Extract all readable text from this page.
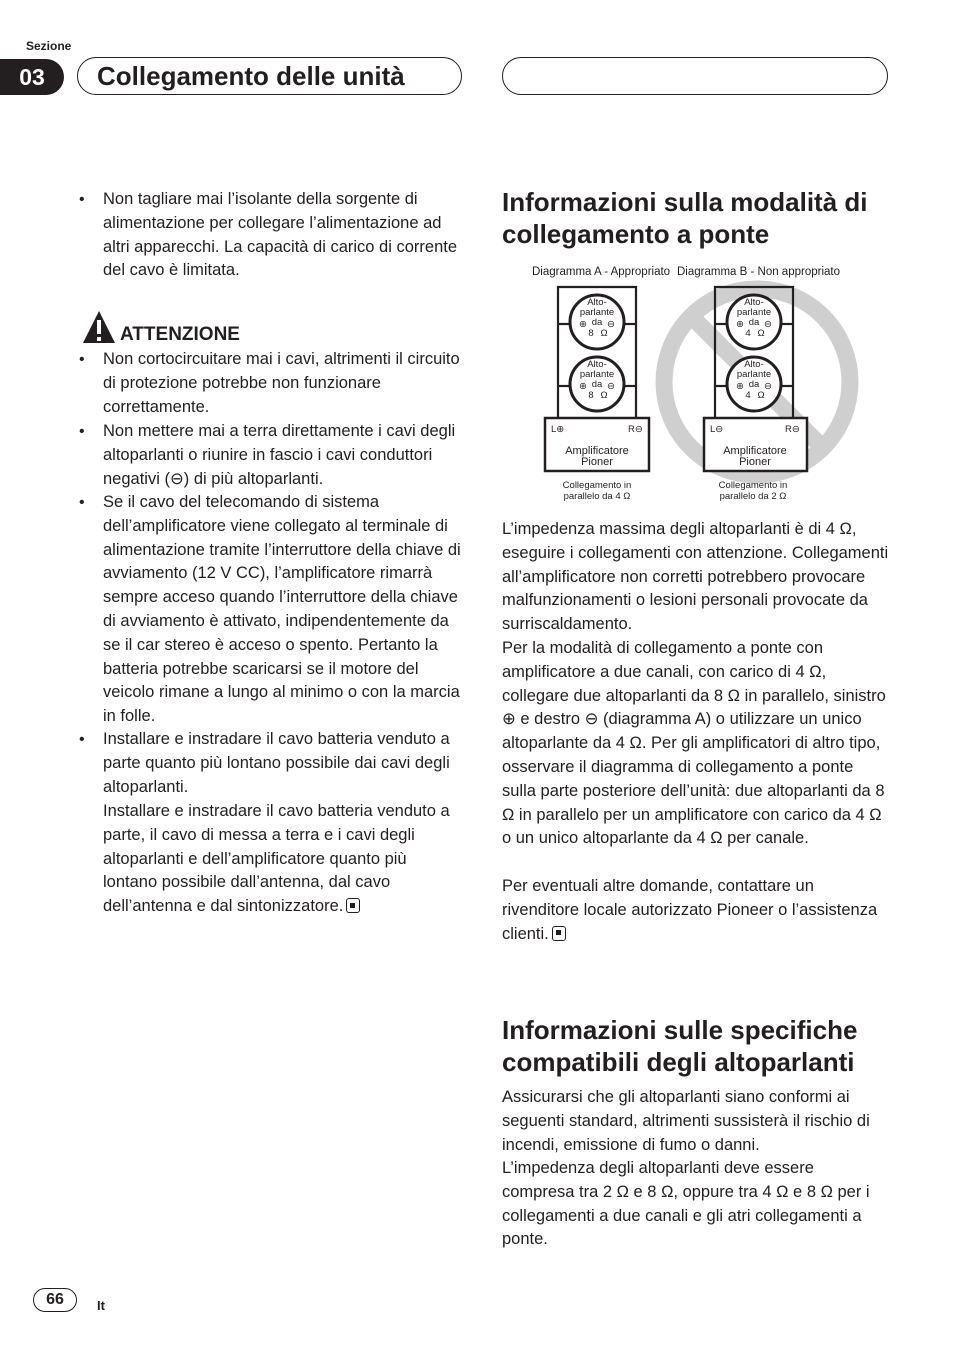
Sezione
03	Collegamento delle unità
• Non tagliare mai l’isolante della sorgente di alimentazione per collegare l’alimentazione ad altri apparecchi. La capacità di carico di corrente del cavo è limitata.
ATTENZIONE
• Non cortocircuitare mai i cavi, altrimenti il circuito di protezione potrebbe non funzionare correttamente.
• Non mettere mai a terra direttamente i cavi degli altoparlanti o riunire in fascio i cavi conduttori negativi (⊖) di più altoparlanti.
• Se il cavo del telecomando di sistema dell’amplificatore viene collegato al terminale di alimentazione tramite l’interruttore della chiave di avviamento (12 V CC), l’amplificatore rimarrà sempre acceso quando l’interruttore della chiave di avviamento è attivato, indipendentemente da se il car stereo è acceso o spento. Pertanto la batteria potrebbe scaricarsi se il motore del veicolo rimane a lungo al minimo o con la marcia in folle.
• Installare e instradare il cavo batteria venduto a parte quanto più lontano possibile dai cavi degli altoparlanti.
Installare e instradare il cavo batteria venduto a parte, il cavo di messa a terra e i cavi degli altoparlanti e dell’amplificatore quanto più lontano possibile dall’antenna, dal cavo dell’antenna e dal sintonizzatore.
Informazioni sulla modalità di collegamento a ponte
Diagramma A - Appropriato Diagramma B - Non appropriato
Alto-
parlante
da
8 Ω
⊕ ⊖
Alto-
parlante
da
8 Ω
⊕ ⊖
L⊕	R⊖
Amplificatore
Pioner
Collegamento in
parallelo da 4 Ω
Alto-
parlante
da
4 Ω
⊕ ⊖
Alto-
parlante
da
4 Ω
⊕ ⊖
L⊖	R⊖
Amplificatore
Pioner
Collegamento in
parallelo da 2 Ω
L’impedenza massima degli altoparlanti è di 4 Ω, eseguire i collegamenti con attenzione. Collegamenti all’amplificatore non corretti potrebbero provocare malfunzionamenti o lesioni personali provocate da surriscaldamento.
Per la modalità di collegamento a ponte con amplificatore a due canali, con carico di 4 Ω, collegare due altoparlanti da 8 Ω in parallelo, sinistro ⊕ e destro ⊖ (diagramma A) o utilizzare un unico altoparlante da 4 Ω. Per gli amplificatori di altro tipo, osservare il diagramma di collegamento a ponte sulla parte posteriore dell’unità: due altoparlanti da 8 Ω in parallelo per un amplificatore con carico da 4 Ω o un unico altoparlante da 4 Ω per canale.
Per eventuali altre domande, contattare un rivenditore locale autorizzato Pioneer o l’assistenza clienti.
Informazioni sulle specifiche compatibili degli altoparlanti
Assicurarsi che gli altoparlanti siano conformi ai seguenti standard, altrimenti sussisterà il rischio di incendi, emissione di fumo o danni.
L’impedenza degli altoparlanti deve essere compresa tra 2 Ω e 8 Ω, oppure tra 4 Ω e 8 Ω per i collegamenti a due canali e gli atri collegamenti a ponte.
66	It
